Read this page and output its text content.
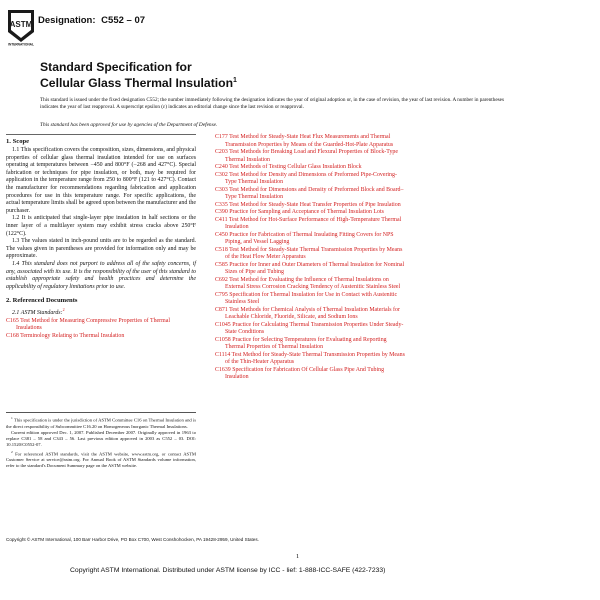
ASTM
INTERNATIONAL
Designation: C552 – 07
Standard Specification for
Cellular Glass Thermal Insulation$^1$

This standard is issued under the fixed designation C552; the number immediately following the designation indicates the year of original adoption or, in the case of revision, the year of last revision. A number in parentheses indicates the year of last reapproval. A superscript epsilon (ε) indicates an editorial change since the last revision or reapproval.

This standard has been approved for use by agencies of the Department of Defense.

1. Scope

1.1 This specification covers the composition, sizes, dimensions, and physical properties of cellular glass thermal insulation intended for use on surfaces operating at temperatures between −450 and 800°F (−268 and 427°C). Special fabrication or techniques for pipe insulation, or both, may be required for application in the temperature range from 250 to 800°F (121 to 427°C). Contact the manufacturer for recommendations regarding fabrication and application procedures for use in this temperature range. For specific applications, the actual temperature limits shall be agreed upon between the manufacturer and the purchaser.

1.2 It is anticipated that single-layer pipe insulation in half sections or the inner layer of a multilayer system may exhibit stress cracks above 250°F (122°C).

1.3 The values stated in inch-pound units are to be regarded as the standard. The values given in parentheses are provided for information only and may be approximate.

1.4 This standard does not purport to address all of the safety concerns, if any, associated with its use. It is the responsibility of the user of this standard to establish appropriate safety and health practices and determine the applicability of regulatory limitations prior to use.

2. Referenced Documents

2.1 ASTM Standards:$^2$

C165 Test Method for Measuring Compressive Properties of Thermal Insulations

C168 Terminology Relating to Thermal Insulation

$^1$ This specification is under the jurisdiction of ASTM Committee C16 on Thermal Insulation and is the direct responsibility of Subcommittee C16.20 on Homogeneous Inorganic Thermal Insulations.

Current edition approved Dec. 1, 2007. Published December 2007. Originally approved in 1963 to replace C381 – 58 and C343 – 56. Last previous edition approved in 2003 as C552 – 03. DOI: 10.1520/C0552-07.

$^2$ For referenced ASTM standards, visit the ASTM website, www.astm.org, or contact ASTM Customer Service at service@astm.org. For Annual Book of ASTM Standards volume information, refer to the standard's Document Summary page on the ASTM website.

C177 Test Method for Steady-State Heat Flux Measurements and Thermal Transmission Properties by Means of the Guarded-Hot-Plate Apparatus

C203 Test Methods for Breaking Load and Flexural Properties of Block-Type Thermal Insulation

C240 Test Methods of Testing Cellular Glass Insulation Block

C302 Test Method for Density and Dimensions of Preformed Pipe-Covering-Type Thermal Insulation

C303 Test Method for Dimensions and Density of Preformed Block and Board–Type Thermal Insulation

C335 Test Method for Steady-State Heat Transfer Properties of Pipe Insulation

C390 Practice for Sampling and Acceptance of Thermal Insulation Lots

C411 Test Method for Hot-Surface Performance of High-Temperature Thermal Insulation

C450 Practice for Fabrication of Thermal Insulating Fitting Covers for NPS Piping, and Vessel Lagging

C518 Test Method for Steady-State Thermal Transmission Properties by Means of the Heat Flow Meter Apparatus

C585 Practice for Inner and Outer Diameters of Thermal Insulation for Nominal Sizes of Pipe and Tubing

C692 Test Method for Evaluating the Influence of Thermal Insulations on External Stress Corrosion Cracking Tendency of Austenitic Stainless Steel

C795 Specification for Thermal Insulation for Use in Contact with Austenitic Stainless Steel

C871 Test Methods for Chemical Analysis of Thermal Insulation Materials for Leachable Chloride, Fluoride, Silicate, and Sodium Ions

C1045 Practice for Calculating Thermal Transmission Properties Under Steady-State Conditions

C1058 Practice for Selecting Temperatures for Evaluating and Reporting Thermal Properties of Thermal Insulation

C1114 Test Method for Steady-State Thermal Transmission Properties by Means of the Thin-Heater Apparatus

C1639 Specification for Fabrication Of Cellular Glass Pipe And Tubing Insulation

Copyright © ASTM International, 100 Barr Harbor Drive, PO Box C700, West Conshohocken, PA 19428-2959, United States.
1
Copyright ASTM International. Distributed under ASTM license by ICC - lief: 1-888-ICC-SAFE (422-7233)
